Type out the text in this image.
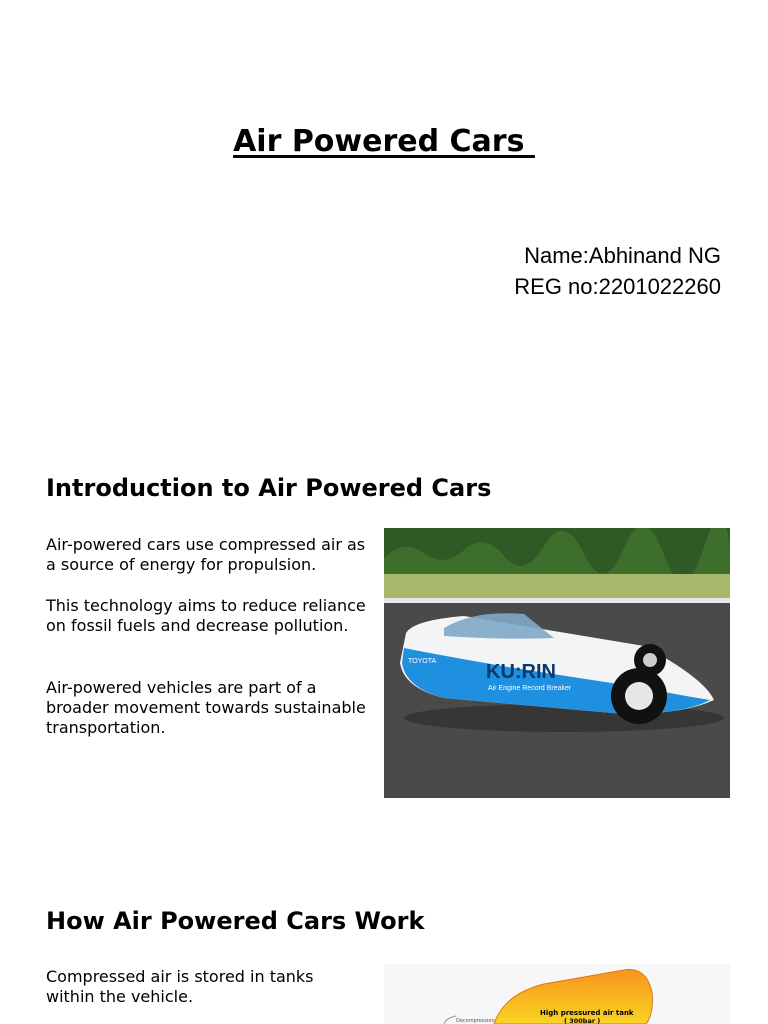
Air Powered Cars
Name:Abhinand NG
REG no:2201022260
Introduction to Air Powered Cars

Air-powered cars use compressed air as a source of energy for propulsion.

This technology aims to reduce reliance on fossil fuels and decrease pollution.

Air-powered vehicles are part of a broader movement towards sustainable transportation.

KU:RIN
Air Engine Record Breaker
TOYOTA
How Air Powered Cars Work

Compressed air is stored in tanks within the vehicle.

High pressured air tank
( 300bar )
Decompression
